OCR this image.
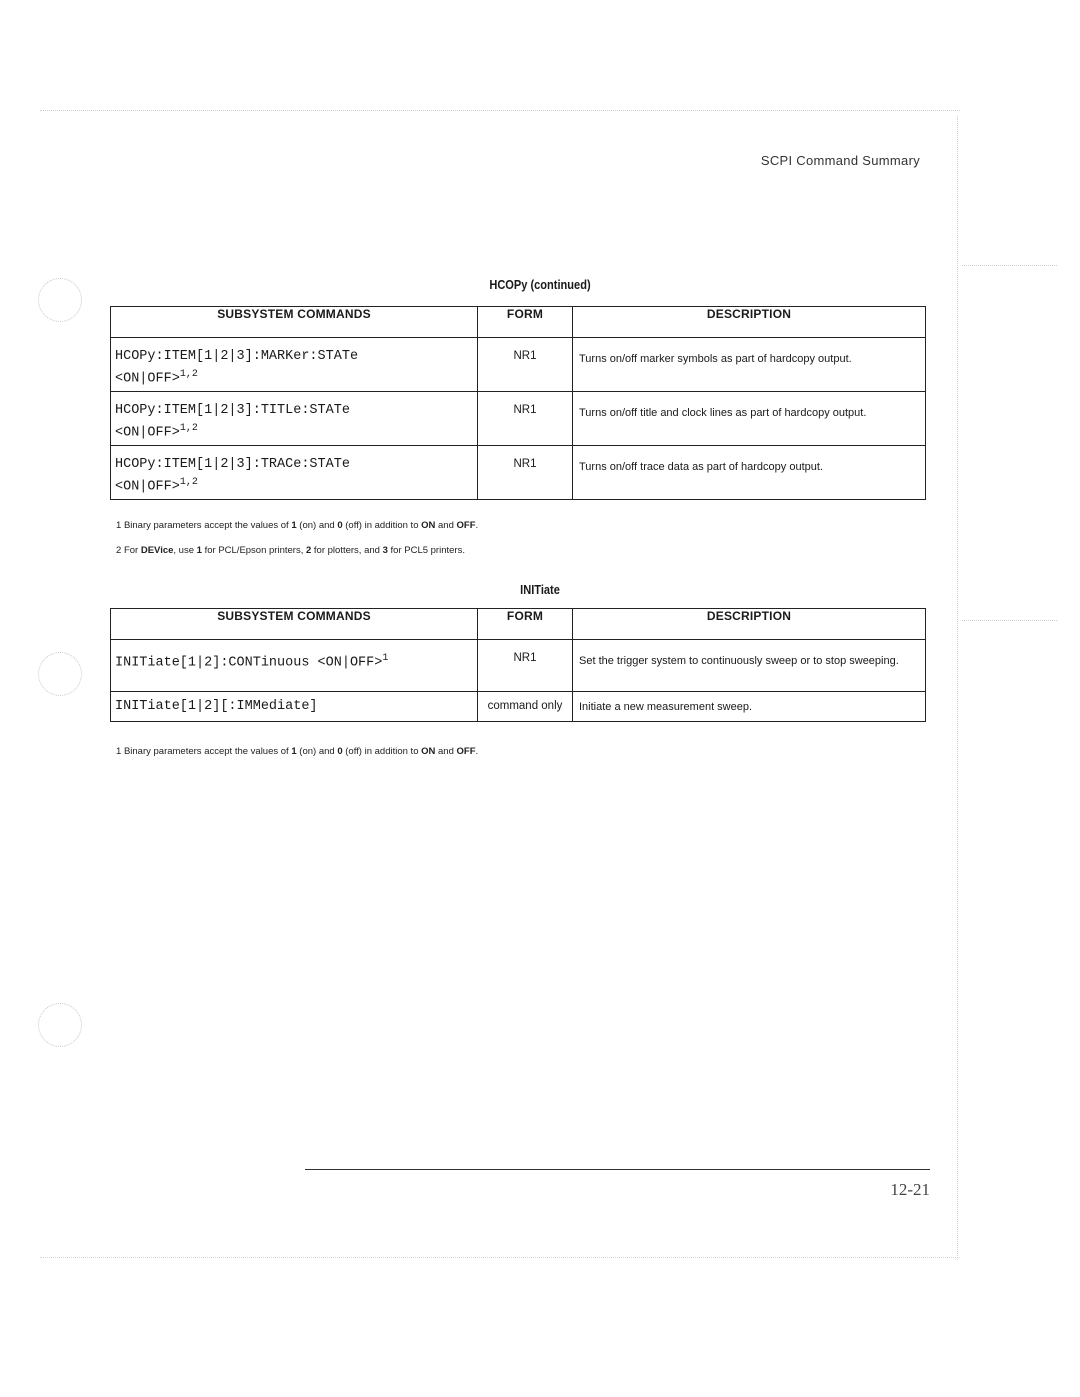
SCPI Command Summary
HCOPy (continued)
SUBSYSTEM COMMANDS	FORM	DESCRIPTION
HCOPy:ITEM[1|2|3]:MARKer:STATe
<ON|OFF>$^{1,2}$	NR1	Turns on/off marker symbols as part of hardcopy output.
HCOPy:ITEM[1|2|3]:TITLe:STATe
<ON|OFF>$^{1,2}$	NR1	Turns on/off title and clock lines as part of hardcopy output.
HCOPy:ITEM[1|2|3]:TRACe:STATe
<ON|OFF>$^{1,2}$	NR1	Turns on/off trace data as part of hardcopy output.
1 Binary parameters accept the values of 1 (on) and 0 (off) in addition to ON and OFF.
2 For DEVice, use 1 for PCL/Epson printers, 2 for plotters, and 3 for PCL5 printers.
INITiate
SUBSYSTEM COMMANDS	FORM	DESCRIPTION
INITiate[1|2]:CONTinuous <ON|OFF>$^1$	NR1	Set the trigger system to continuously sweep or to stop sweeping.
INITiate[1|2][:IMMediate]	command only	Initiate a new measurement sweep.
1 Binary parameters accept the values of 1 (on) and 0 (off) in addition to ON and OFF.
12-21
